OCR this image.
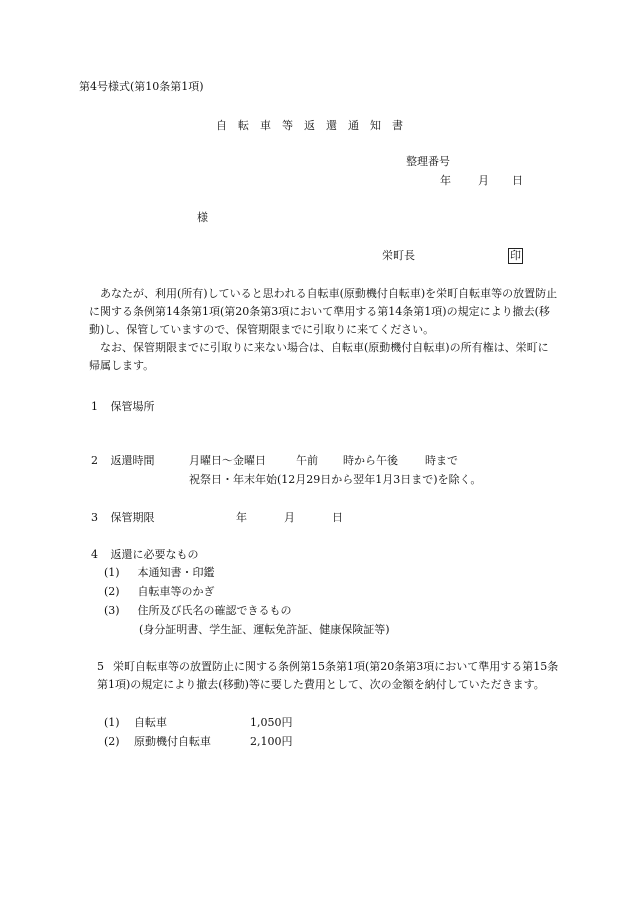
第4号様式(第10条第1項)
自転車等返還通知書
整理番号
年 月 日
様
栄町長	印

あなたが、利用(所有)していると思われる自転車(原動機付自転車)を栄町自転車等の放置防止に関する条例第14条第1項(第20条第3項において準用する第14条第1項)の規定により撤去(移動)し、保管していますので、保管期限までに引取りに来てください。

なお、保管期限までに引取りに来ない場合は、自転車(原動機付自転車)の所有権は、栄町に帰属します。

1 保管場所
2 返還時間	月曜日～金曜日	午前 時から午後 時まで
祝祭日・年末年始(12月29日から翌年1月3日まで)を除く。
3 保管期限	年	月	日
4 返還に必要なもの
(1) 本通知書・印鑑
(2) 自転車等のかぎ
(3) 住所及び氏名の確認できるもの
(身分証明書、学生証、運転免許証、健康保険証等)
5 栄町自転車等の放置防止に関する条例第15条第1項(第20条第3項において準用する第15条第1項)の規定により撤去(移動)等に要した費用として、次の金額を納付していただきます。
(1) 自転車	1,050円
(2) 原動機付自転車	2,100円
